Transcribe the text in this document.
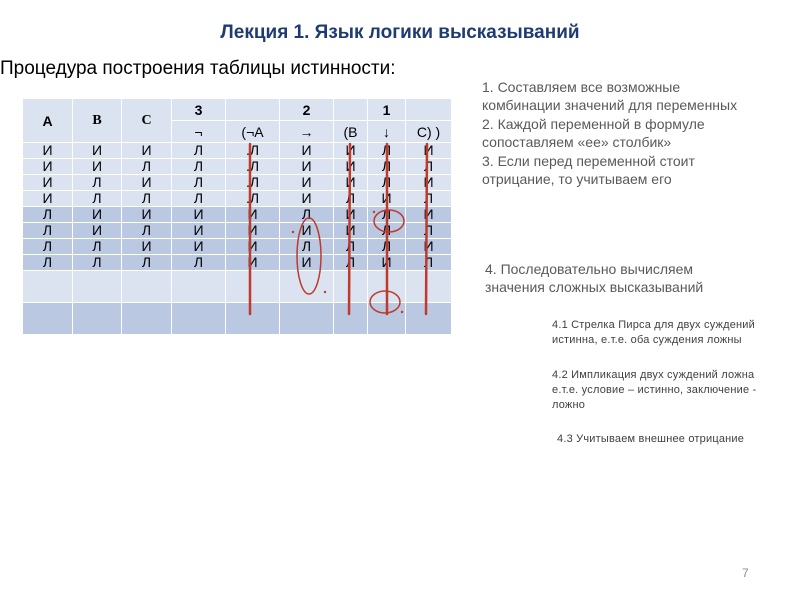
Лекция 1. Язык логики высказываний
Процедура построения таблицы истинности:
A	B	C	3		2		1	
			¬	(¬A	→	(B	↓	C) )
И	И	И	Л	.Л	И	И	Л	И
И	И	Л	Л	.Л	И	И	Л	Л
И	Л	И	Л	.Л	И	И	Л	И
И	Л	Л	Л	.Л	И	Л	И	Л
Л	И	И	И	И	Л	И	Л	И
Л	И	Л	И	И	И	И	Л	Л
Л	Л	И	И	И	Л	Л	Л	И
Л	Л	Л	Л	И	И	Л	И	Л

1. Составляем все возможные комбинации значений для переменных
2. Каждой переменной в формуле сопоставляем «ее» столбик»
3. Если перед переменной стоит отрицание, то учитываем его
4. Последовательно вычисляем значения сложных высказываний
4.1 Стрелка Пирса для двух суждений истинна, е.т.е. оба суждения ложны
4.2 Импликация двух суждений ложна е.т.е. условие – истинно, заключение - ложно
4.3 Учитываем внешнее отрицание
7
